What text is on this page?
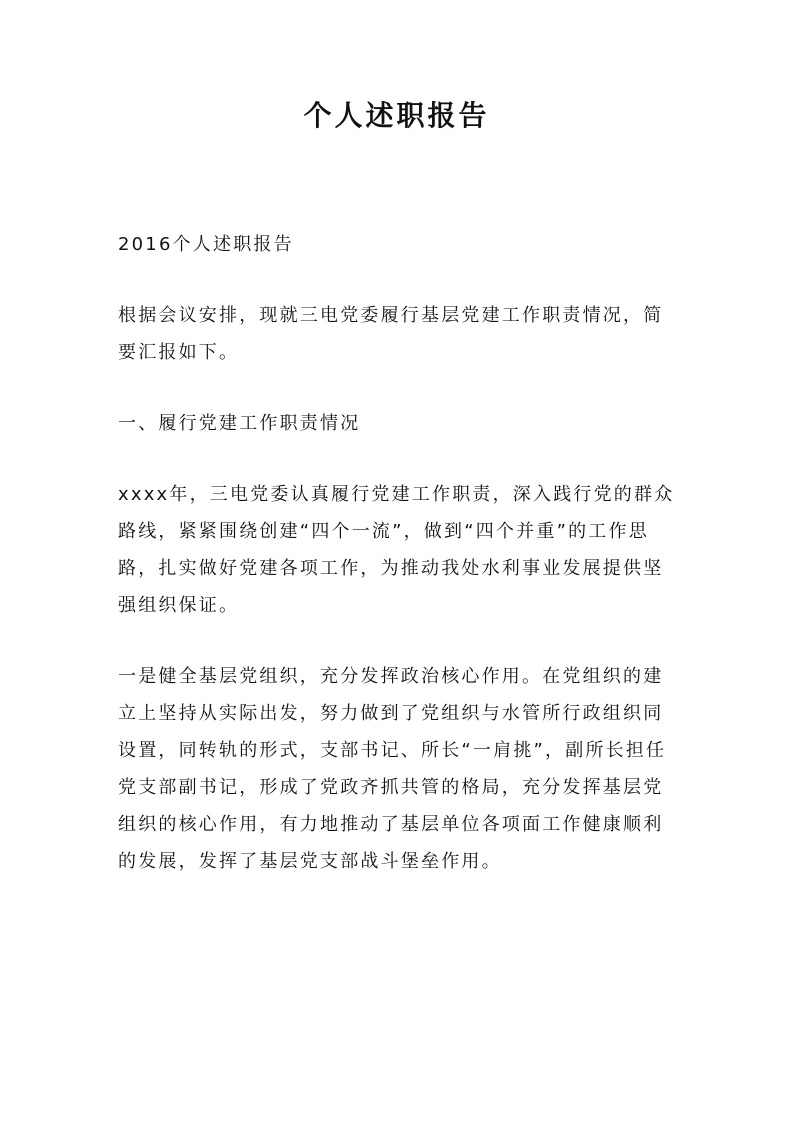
个人述职报告

2016个人述职报告

根据会议安排，现就三电党委履行基层党建工作职责情况，简要汇报如下。

一、履行党建工作职责情况

xxxx年，三电党委认真履行党建工作职责，深入践行党的群众路线，紧紧围绕创建“四个一流”，做到“四个并重”的工作思路，扎实做好党建各项工作，为推动我处水利事业发展提供坚强组织保证。

一是健全基层党组织，充分发挥政治核心作用。在党组织的建立上坚持从实际出发，努力做到了党组织与水管所行政组织同设置，同转轨的形式，支部书记、所长“一肩挑”，副所长担任党支部副书记，形成了党政齐抓共管的格局，充分发挥基层党组织的核心作用，有力地推动了基层单位各项面工作健康顺利的发展，发挥了基层党支部战斗堡垒作用。
